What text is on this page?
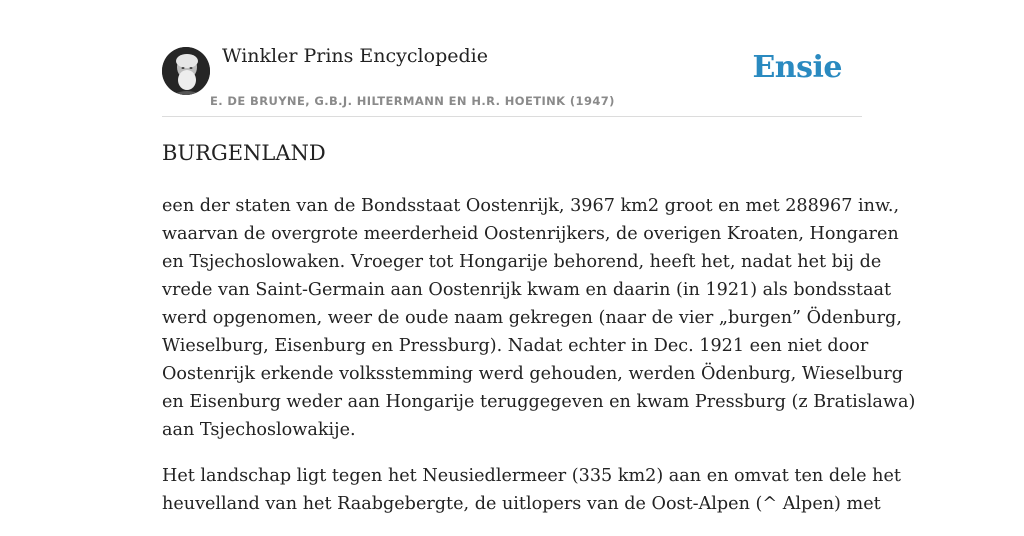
Winkler Prins Encyclopedie
E. DE BRUYNE, G.B.J. HILTERMANN EN H.R. HOETINK (1947)
Ensie
BURGENLAND

een der staten van de Bondsstaat Oostenrijk, 3967 km2 groot en met 288967 inw.,
waarvan de overgrote meerderheid Oostenrijkers, de overigen Kroaten, Hongaren
en Tsjechoslowaken. Vroeger tot Hongarije behorend, heeft het, nadat het bij de
vrede van Saint-Germain aan Oostenrijk kwam en daarin (in 1921) als bondsstaat
werd opgenomen, weer de oude naam gekregen (naar de vier „burgen” Ödenburg,
Wieselburg, Eisenburg en Pressburg). Nadat echter in Dec. 1921 een niet door
Oostenrijk erkende volksstemming werd gehouden, werden Ödenburg, Wieselburg
en Eisenburg weder aan Hongarije teruggegeven en kwam Pressburg (z Bratislawa)
aan Tsjechoslowakije.

Het landschap ligt tegen het Neusiedlermeer (335 km2) aan en omvat ten dele het
heuvelland van het Raabgebergte, de uitlopers van de Oost-Alpen (^ Alpen) met
